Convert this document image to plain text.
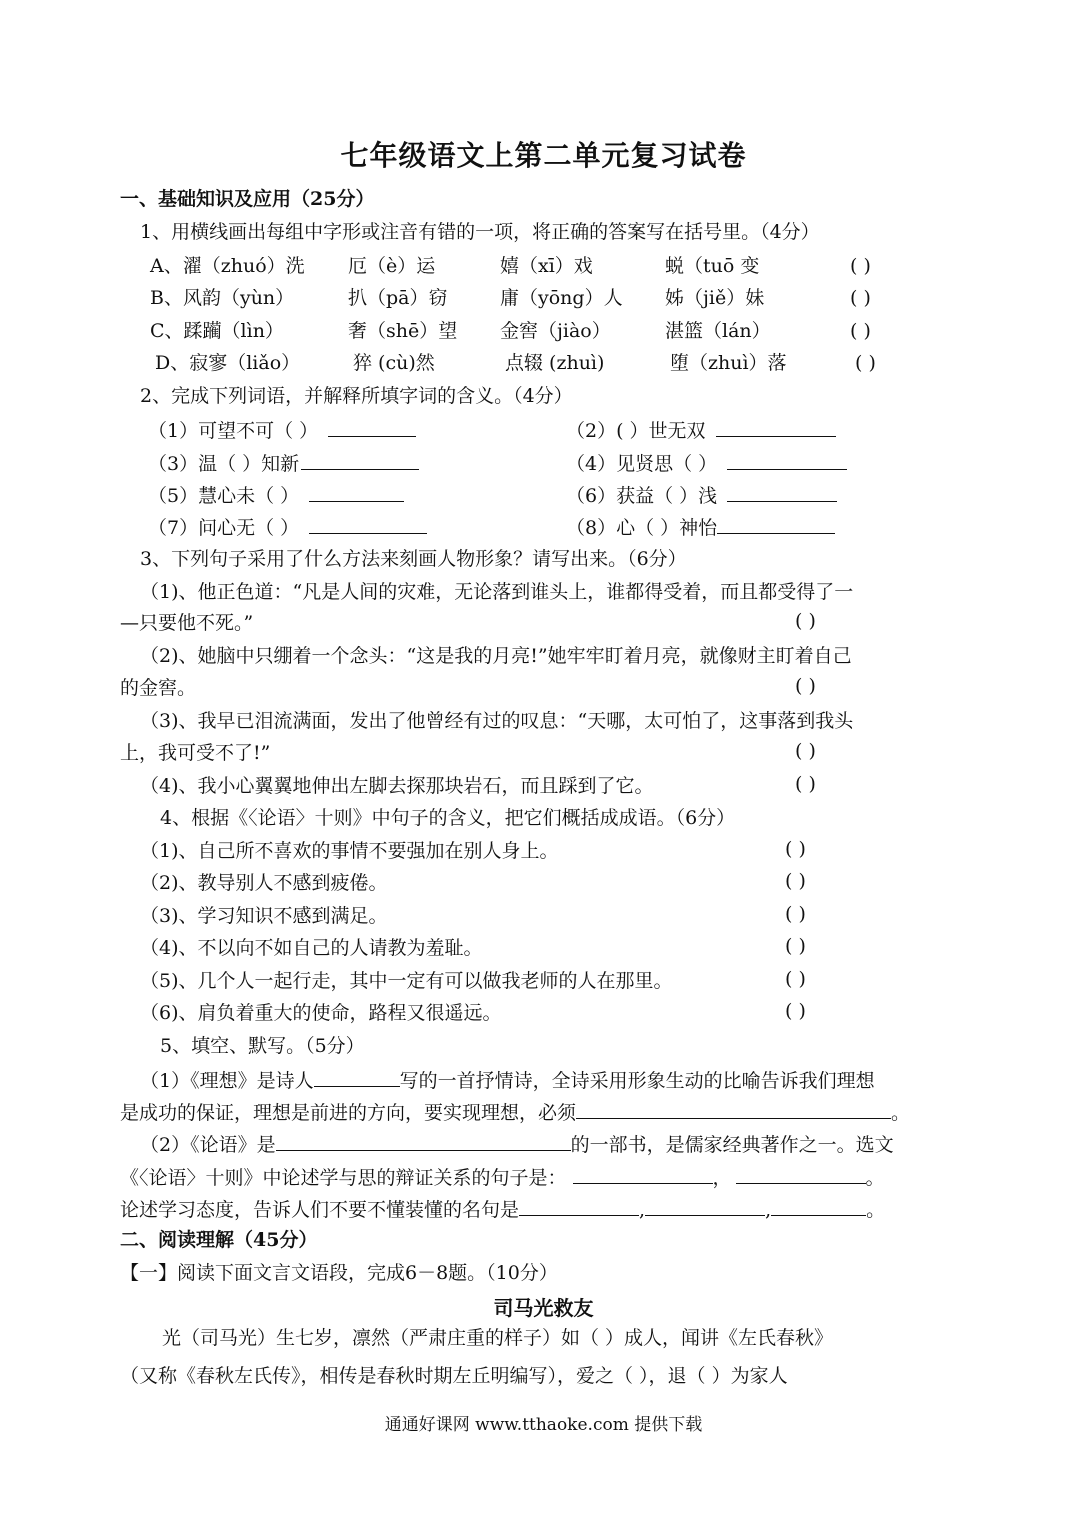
七年级语文上第二单元复习试卷
一、基础知识及应用（25分）
1、用横线画出每组中字形或注音有错的一项，将正确的答案写在括号里。（4分）
A、濯（zhuó）洗 厄（è）运	嬉（xī）戏	蜕（tuō 变	( )
B、风韵（yùn）	扒（pā）窃	庸（yōng）人 姊（jiě）妹	( )
C、蹂躏（lìn）	奢（shē）望 金窖（jiào）	湛篮（lán）	( )
D、寂寥（liǎo）	猝 (cù)然	点辍 (zhuì)	堕（zhuì）落	( )
2、完成下列词语，并解释所填字词的含义。（4分）
（1）可望不可（ ）	（2）( ）世无双
（3）温（ ）知新	（4）见贤思（ ）
（5）慧心未（ ）	（6）获益（ ）浅
（7）问心无（ ）	（8）心（ ）神怡
3、下列句子采用了什么方法来刻画人物形象？请写出来。（6分）
（1)、他正色道：“凡是人间的灾难，无论落到谁头上，谁都得受着，而且都受得了一
—只要他不死。”	( )
（2)、她脑中只绷着一个念头：“这是我的月亮!”她牢牢盯着月亮，就像财主盯着自己
的金窖。	( )
（3)、我早已泪流满面，发出了他曾经有过的叹息：“天哪，太可怕了，这事落到我头
上，我可受不了!”	( )
（4)、我小心翼翼地伸出左脚去探那块岩石，而且踩到了它。	( )
4、根据《〈论语〉十则》中句子的含义，把它们概括成成语。（6分）
（1)、自己所不喜欢的事情不要强加在别人身上。	( )
（2)、教导别人不感到疲倦。	( )
（3)、学习知识不感到满足。	( )
（4)、不以向不如自己的人请教为羞耻。	( )
（5)、几个人一起行走，其中一定有可以做我老师的人在那里。	( )
（6)、肩负着重大的使命，路程又很遥远。	( )
5、填空、默写。（5分）
（1）《理想》是诗人	写的一首抒情诗，全诗采用形象生动的比喻告诉我们理想
是成功的保证，理想是前进的方向，要实现理想，必须	。
（2）《论语》是	的一部书，是儒家经典著作之一。选文
《〈论语〉十则》中论述学与思的辩证关系的句子是：	，	。
论述学习态度，告诉人们不要不懂装懂的名句是	,	,	。
二、阅读理解（45分）
【一】阅读下面文言文语段，完成6－8题。（10分）
司马光救友
光（司马光）生七岁，凛然（严肃庄重的样子）如（ ）成人，闻讲《左氏春秋》
（又称《春秋左氏传》，相传是春秋时期左丘明编写），爱之（ ），退（ ）为家人
通通好课网 www.tthaoke.com 提供下载
